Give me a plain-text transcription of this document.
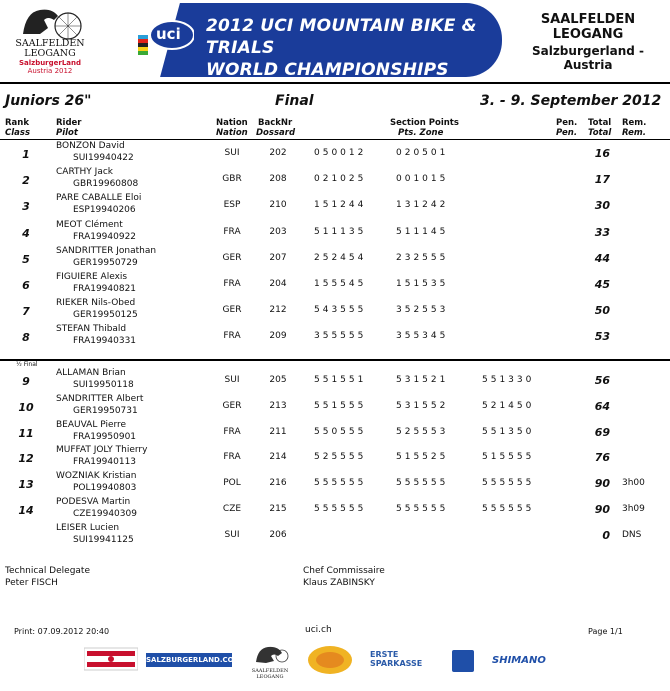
SAALFELDEN
LEOGANG
SalzburgerLand
Austria 2012
uci 2012 UCI MOUNTAIN BIKE & TRIALS
WORLD CHAMPIONSHIPS
SAALFELDEN LEOGANG
Salzburgerland - Austria
Juniors 26"	Final	3. - 9. September 2012
Rank
Class
Rider
Pilot
Nation
Nation
BackNr
Dossard
Section Points
Pts. Zone
Pen.
Pen.
Total
Total
Rem.
Rem.
1
BONZON David
SUI19940422	SUI	202	050012	020501	16
2
CARTHY Jack
GBR19960808	GBR	208	021025	001015	17
3
PARE CABALLE Eloi
ESP19940206	ESP	210	151244	131242	30
4
MEOT Clément
FRA19940922	FRA	203	511135	511145	33
5
SANDRITTER Jonathan
GER19950729	GER	207	252454	232555	44
6
FIGUIERE Alexis
FRA19940821	FRA	204	155545	151535	45
7
RIEKER Nils-Obed
GER19950125	GER	212	543555	352553	50
8
STEFAN Thibald
FRA19940331	FRA	209	355555	355345	53
½ Final
9
ALLAMAN Brian
SUI19950118	SUI	205	551551	531521	551330	56
10
SANDRITTER Albert
GER19950731	GER	213	551555	531552	521450	64
11
BEAUVAL Pierre
FRA19950901	FRA	211	550555	525553	551350	69
12
MUFFAT JOLY Thierry
FRA19940113	FRA	214	525555	515525	515555	76
13
WOZNIAK Kristian
POL19940803	POL	216	555555	555555	555555	90 3h00
14
PODESVA Martin
CZE19940309	CZE	215	555555	555555	555555	90 3h09
LEISER Lucien
SUI19941125	SUI	206	0 DNS
Technical Delegate
Peter FISCH
Chef Commissaire
Klaus ZABINSKY
Print: 07.09.2012 20:40	uci.ch	Page 1/1
SALZBURGERLAND.COM
SAALFELDEN
LEOGANG
ERSTE
SPARKASSE	SHIMANO
